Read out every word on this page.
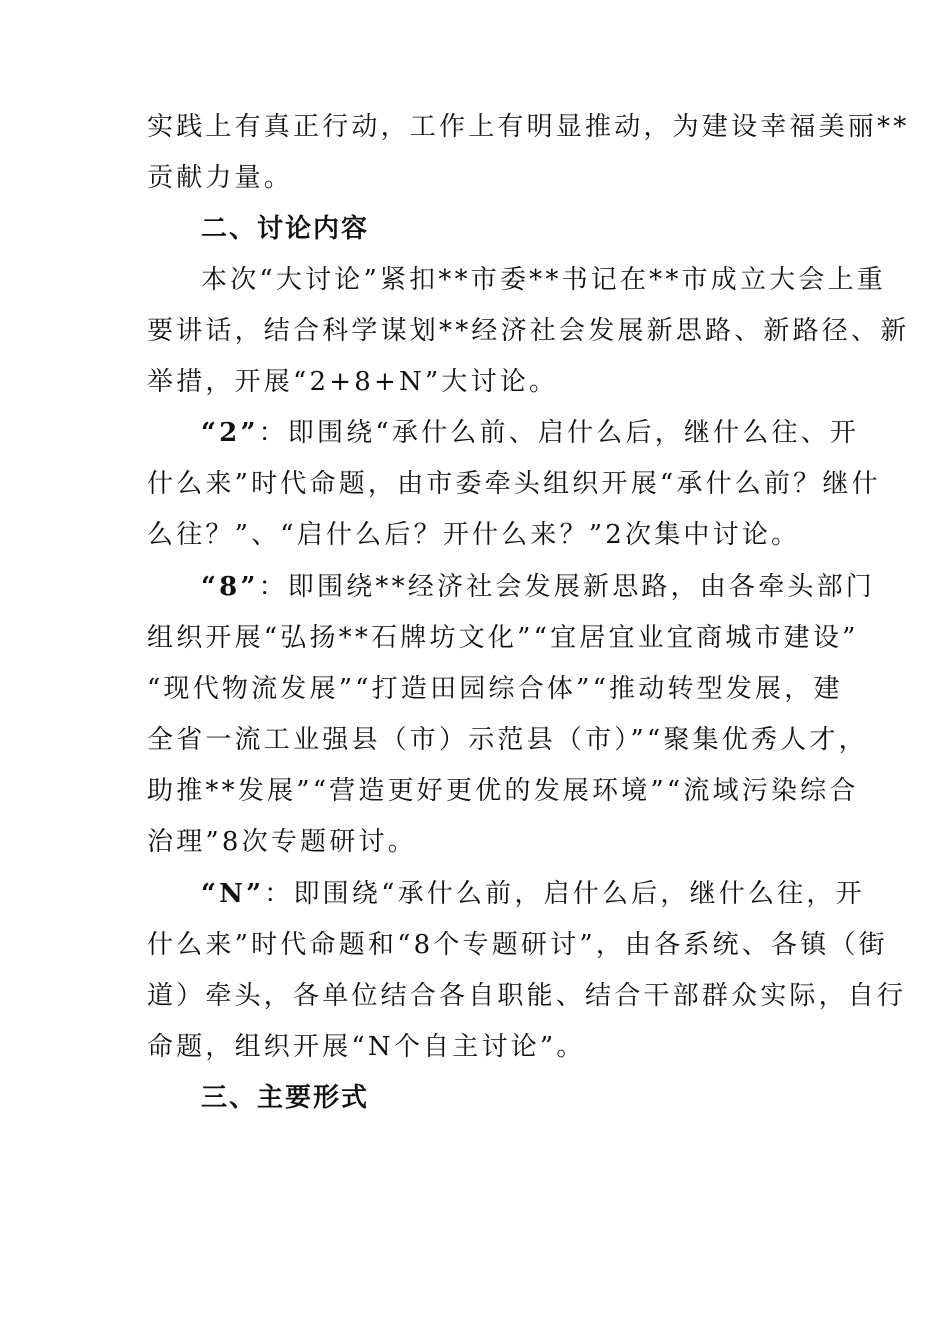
实践上有真正行动，工作上有明显推动，为建设幸福美丽**
贡献力量。
二、讨论内容
本次“大讨论”紧扣**市委**书记在**市成立大会上重
要讲话，结合科学谋划**经济社会发展新思路、新路径、新
举措，开展“2+8+N”大讨论。
“2”：即围绕“承什么前、启什么后，继什么往、开
什么来”时代命题，由市委牵头组织开展“承什么前？继什
么往？”、“启什么后？开什么来？”2次集中讨论。
“8”：即围绕**经济社会发展新思路，由各牵头部门
组织开展“弘扬**石牌坊文化”“宜居宜业宜商城市建设”
“现代物流发展”“打造田园综合体”“推动转型发展，建
全省一流工业强县（市）示范县（市）”“聚集优秀人才，
助推**发展”“营造更好更优的发展环境”“流域污染综合
治理”8次专题研讨。
“N”：即围绕“承什么前，启什么后，继什么往，开
什么来”时代命题和“8个专题研讨”，由各系统、各镇（街
道）牵头，各单位结合各自职能、结合干部群众实际，自行
命题，组织开展“N个自主讨论”。
三、主要形式
